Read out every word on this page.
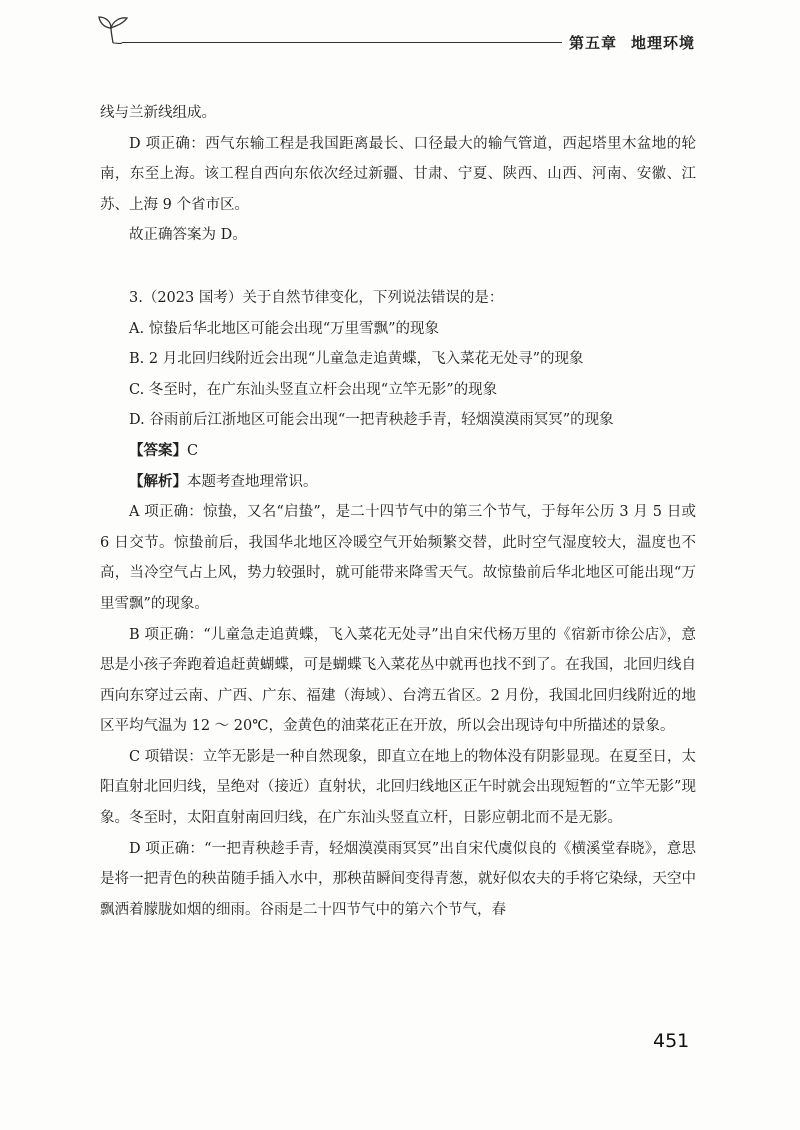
第五章 地理环境

线与兰新线组成。

D 项正确：西气东输工程是我国距离最长、口径最大的输气管道，西起塔里木盆地的轮南，东至上海。该工程自西向东依次经过新疆、甘肃、宁夏、陕西、山西、河南、安徽、江苏、上海 9 个省市区。

故正确答案为 D。

3.（2023 国考）关于自然节律变化，下列说法错误的是：

A. 惊蛰后华北地区可能会出现“万里雪飘”的现象

B. 2 月北回归线附近会出现“儿童急走追黄蝶，飞入菜花无处寻”的现象

C. 冬至时，在广东汕头竖直立杆会出现“立竿无影”的现象

D. 谷雨前后江浙地区可能会出现“一把青秧趁手青，轻烟漠漠雨冥冥”的现象

【答案】C

【解析】本题考查地理常识。

A 项正确：惊蛰，又名“启蛰”，是二十四节气中的第三个节气，于每年公历 3 月 5 日或 6 日交节。惊蛰前后，我国华北地区冷暖空气开始频繁交替，此时空气湿度较大，温度也不高，当冷空气占上风，势力较强时，就可能带来降雪天气。故惊蛰前后华北地区可能出现“万里雪飘”的现象。

B 项正确：“儿童急走追黄蝶，飞入菜花无处寻”出自宋代杨万里的《宿新市徐公店》，意思是小孩子奔跑着追赶黄蝴蝶，可是蝴蝶飞入菜花丛中就再也找不到了。在我国，北回归线自西向东穿过云南、广西、广东、福建（海域）、台湾五省区。2 月份，我国北回归线附近的地区平均气温为 12 ～ 20℃，金黄色的油菜花正在开放，所以会出现诗句中所描述的景象。

C 项错误：立竿无影是一种自然现象，即直立在地上的物体没有阴影显现。在夏至日，太阳直射北回归线，呈绝对（接近）直射状，北回归线地区正午时就会出现短暂的“立竿无影”现象。冬至时，太阳直射南回归线，在广东汕头竖直立杆，日影应朝北而不是无影。

D 项正确：“一把青秧趁手青，轻烟漠漠雨冥冥”出自宋代虞似良的《横溪堂春晓》，意思是将一把青色的秧苗随手插入水中，那秧苗瞬间变得青葱，就好似农夫的手将它染绿，天空中飘洒着朦胧如烟的细雨。谷雨是二十四节气中的第六个节气，春

451
